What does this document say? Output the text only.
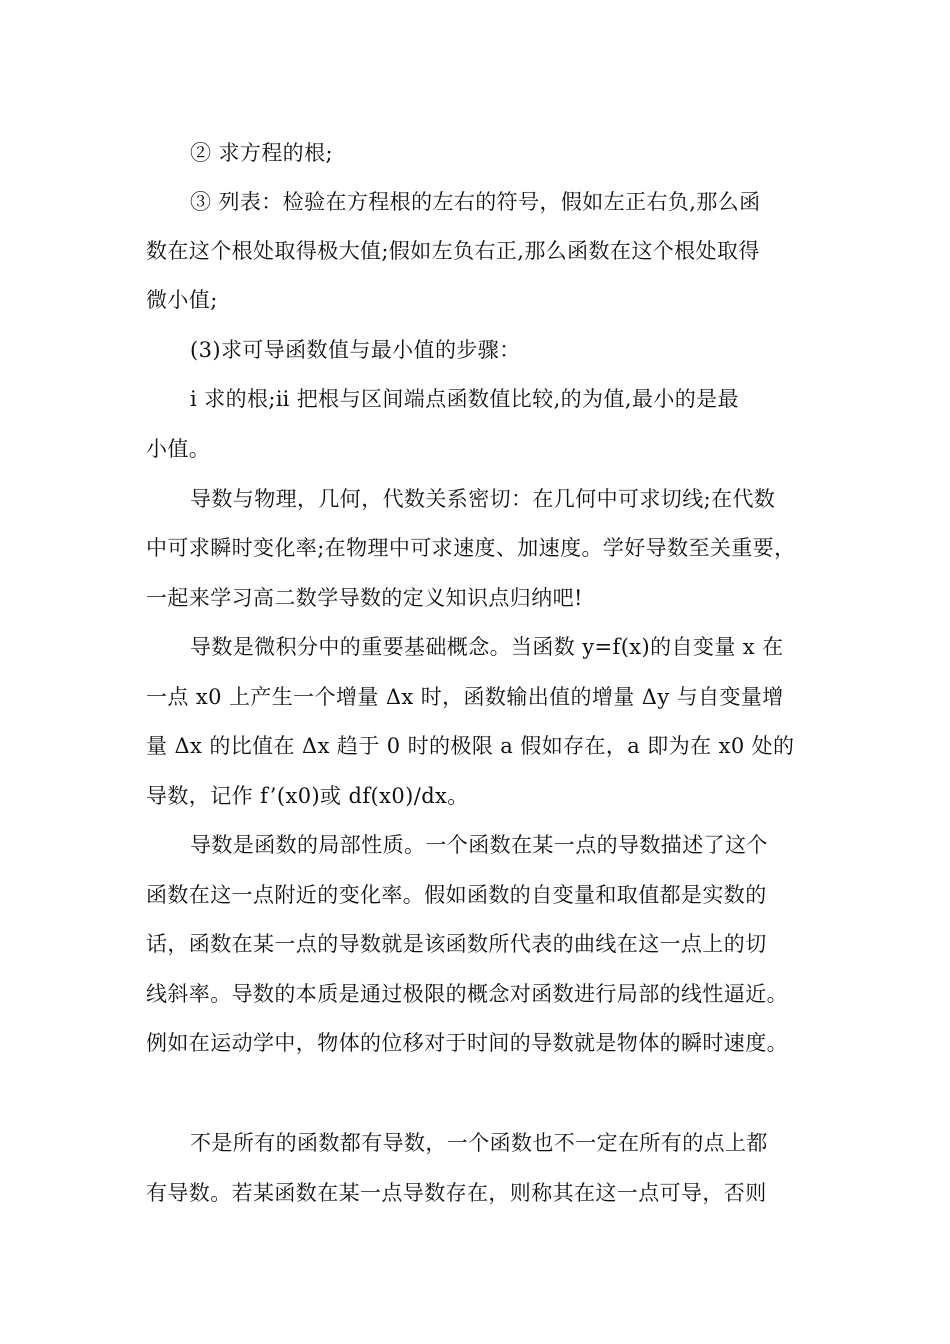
② 求方程的根;
③ 列表：检验在方程根的左右的符号，假如左正右负,那么函
数在这个根处取得极大值;假如左负右正,那么函数在这个根处取得
微小值;
(3)求可导函数值与最小值的步骤：
ⅰ 求的根;ⅱ 把根与区间端点函数值比较,的为值,最小的是最
小值。
导数与物理，几何，代数关系密切：在几何中可求切线;在代数
中可求瞬时变化率;在物理中可求速度、加速度。学好导数至关重要，
一起来学习高二数学导数的定义知识点归纳吧!
导数是微积分中的重要基础概念。当函数 y=f(x)的自变量 x 在
一点 x0 上产生一个增量 Δx 时，函数输出值的增量 Δy 与自变量增
量 Δx 的比值在 Δx 趋于 0 时的极限 a 假如存在，a 即为在 x0 处的
导数，记作 f’(x0)或 df(x0)/dx。
导数是函数的局部性质。一个函数在某一点的导数描述了这个
函数在这一点附近的变化率。假如函数的自变量和取值都是实数的
话，函数在某一点的导数就是该函数所代表的曲线在这一点上的切
线斜率。导数的本质是通过极限的概念对函数进行局部的线性逼近。
例如在运动学中，物体的位移对于时间的导数就是物体的瞬时速度。
不是所有的函数都有导数，一个函数也不一定在所有的点上都
有导数。若某函数在某一点导数存在，则称其在这一点可导，否则
